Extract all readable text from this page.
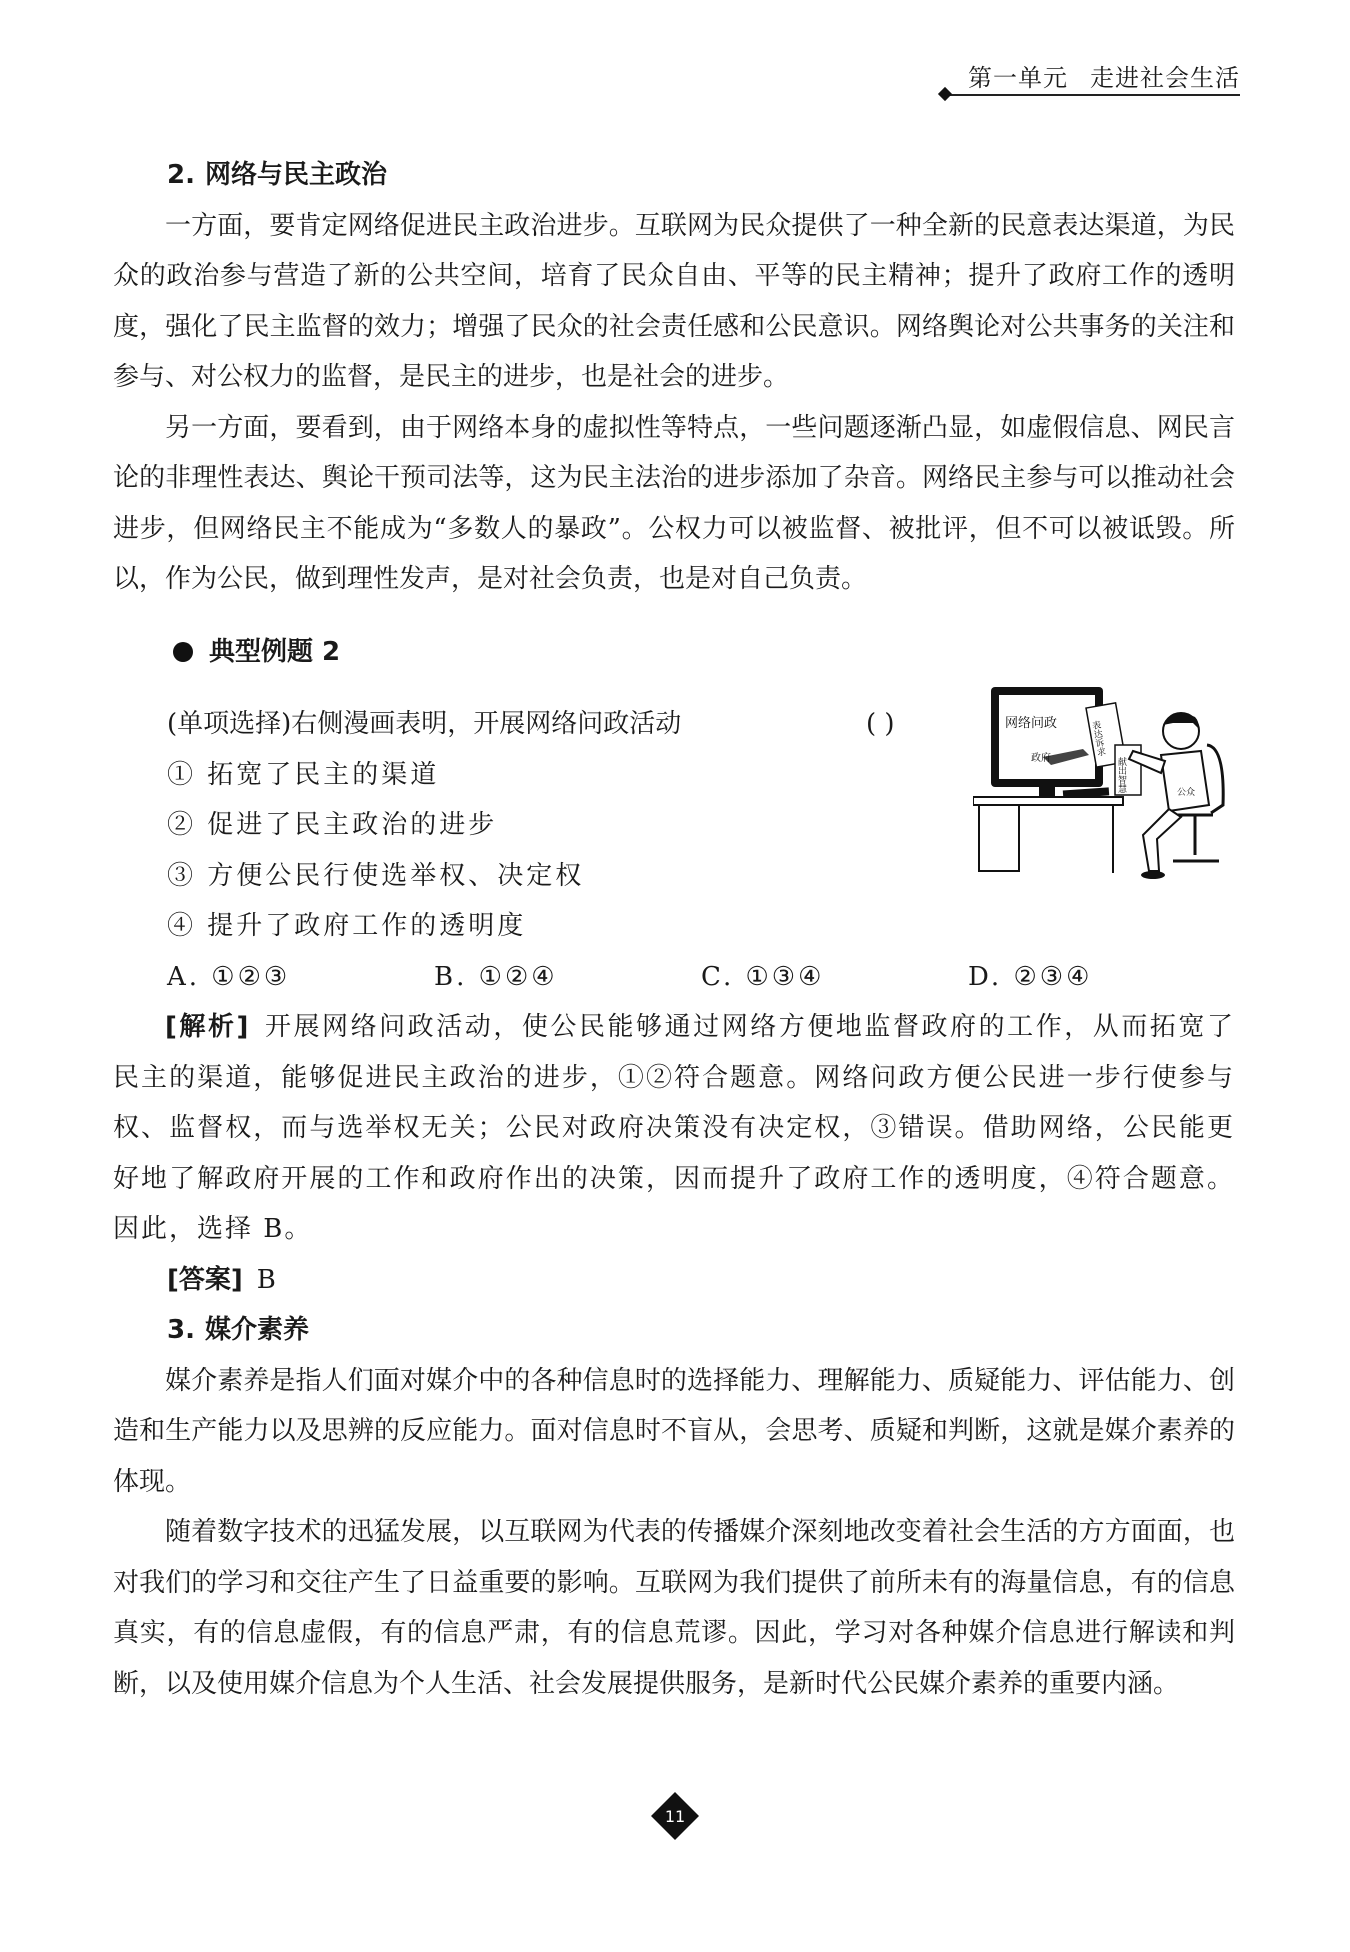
第一单元 走进社会生活

2. 网络与民主政治

一方面，要肯定网络促进民主政治进步。互联网为民众提供了一种全新的民意表达渠道，为民众的政治参与营造了新的公共空间，培育了民众自由、平等的民主精神；提升了政府工作的透明度，强化了民主监督的效力；增强了民众的社会责任感和公民意识。网络舆论对公共事务的关注和参与、对公权力的监督，是民主的进步，也是社会的进步。

另一方面，要看到，由于网络本身的虚拟性等特点，一些问题逐渐凸显，如虚假信息、网民言论的非理性表达、舆论干预司法等，这为民主法治的进步添加了杂音。网络民主参与可以推动社会进步，但网络民主不能成为“多数人的暴政”。公权力可以被监督、被批评，但不可以被诋毁。所以，作为公民，做到理性发声，是对社会负责，也是对自己负责。

典型例题 2

(单项选择)右侧漫画表明，开展网络问政活动	( )

① 拓宽了民主的渠道

② 促进了民主政治的进步

③ 方便公民行使选举权、决定权

④ 提升了政府工作的透明度

A. ①②③	B. ①②④	C. ①③④	D. ②③④
网络问政
政府
表达诉求
献出智慧	公众

[解析] 开展网络问政活动，使公民能够通过网络方便地监督政府的工作，从而拓宽了民主的渠道，能够促进民主政治的进步，①②符合题意。网络问政方便公民进一步行使参与权、监督权，而与选举权无关；公民对政府决策没有决定权，③错误。借助网络，公民能更好地了解政府开展的工作和政府作出的决策，因而提升了政府工作的透明度，④符合题意。因此，选择 B。

[答案] B

3. 媒介素养

媒介素养是指人们面对媒介中的各种信息时的选择能力、理解能力、质疑能力、评估能力、创造和生产能力以及思辨的反应能力。面对信息时不盲从，会思考、质疑和判断，这就是媒介素养的体现。

随着数字技术的迅猛发展，以互联网为代表的传播媒介深刻地改变着社会生活的方方面面，也对我们的学习和交往产生了日益重要的影响。互联网为我们提供了前所未有的海量信息，有的信息真实，有的信息虚假，有的信息严肃，有的信息荒谬。因此，学习对各种媒介信息进行解读和判断，以及使用媒介信息为个人生活、社会发展提供服务，是新时代公民媒介素养的重要内涵。

11
